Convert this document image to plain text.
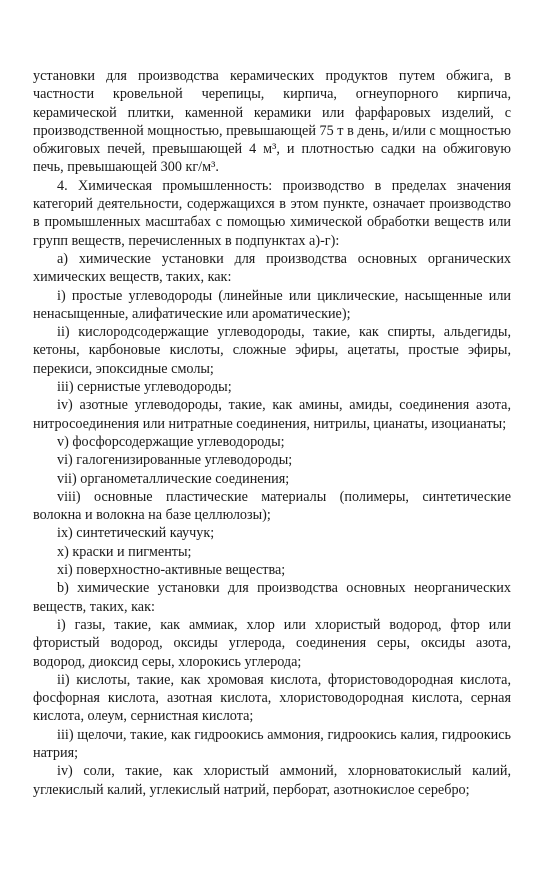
установки для производства керамических продуктов путем обжига, в частности кровельной черепицы, кирпича, огнеупорного кирпича, керамической плитки, каменной керамики или фарфаровых изделий, с производственной мощностью, превышающей 75 т в день, и/или с мощностью обжиговых печей, превышающей 4 м³, и плотностью садки на обжиговую печь, превышающей 300 кг/м³.

4. Химическая промышленность: производство в пределах значения категорий деятельности, содержащихся в этом пункте, означает производство в промышленных масштабах с помощью химической обработки веществ или групп веществ, перечисленных в подпунктах а)-г):

а) химические установки для производства основных органических химических веществ, таких, как:

i) простые углеводороды (линейные или циклические, насыщенные или ненасыщенные, алифатические или ароматические);

ii) кислородсодержащие углеводороды, такие, как спирты, альдегиды, кетоны, карбоновые кислоты, сложные эфиры, ацетаты, простые эфиры, перекиси, эпоксидные смолы;

iii) сернистые углеводороды;

iv) азотные углеводороды, такие, как амины, амиды, соединения азота, нитросоединения или нитратные соединения, нитрилы, цианаты, изоцианаты;

v) фосфорсодержащие углеводороды;

vi) галогенизированные углеводороды;

vii) органометаллические соединения;

viii) основные пластические материалы (полимеры, синтетические волокна и волокна на базе целлюлозы);

ix) синтетический каучук;

x) краски и пигменты;

xi) поверхностно-активные вещества;

b) химические установки для производства основных неорганических веществ, таких, как:

i) газы, такие, как аммиак, хлор или хлористый водород, фтор или фтористый водород, оксиды углерода, соединения серы, оксиды азота, водород, диоксид серы, хлорокись углерода;

ii) кислоты, такие, как хромовая кислота, фтористоводородная кислота, фосфорная кислота, азотная кислота, хлористоводородная кислота, серная кислота, олеум, сернистная кислота;

iii) щелочи, такие, как гидроокись аммония, гидроокись калия, гидроокись натрия;

iv) соли, такие, как хлористый аммоний, хлорноватокислый калий, углекислый калий, углекислый натрий, перборат, азотнокислое серебро;
